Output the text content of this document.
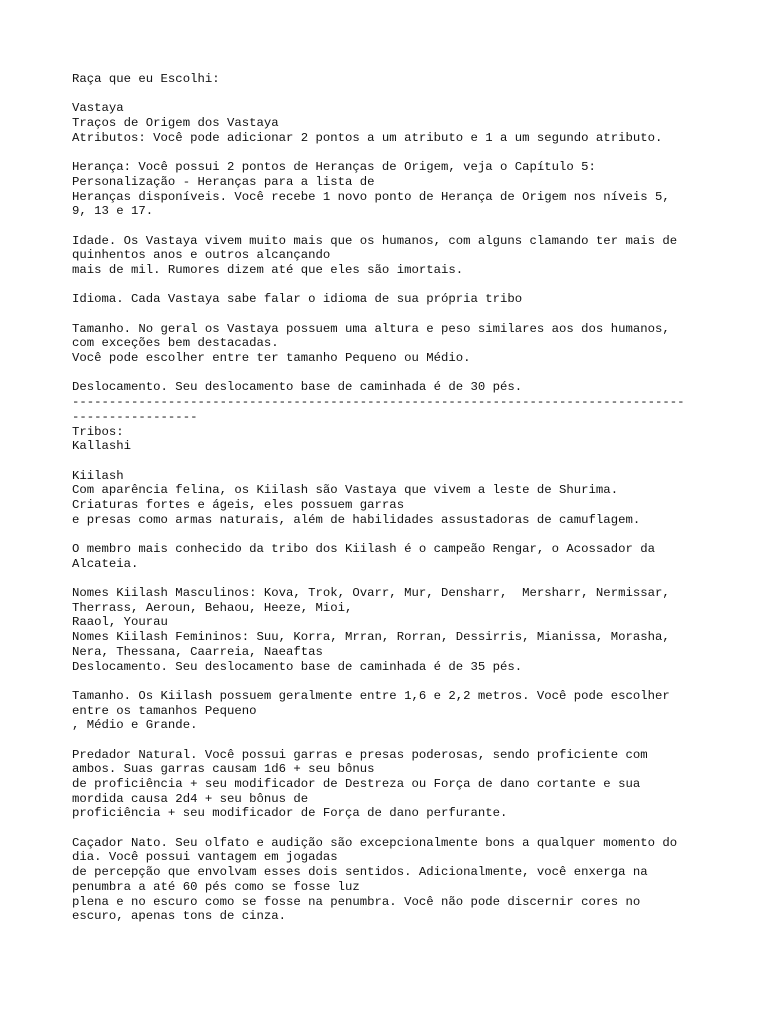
Raça que eu Escolhi:
Vastaya
Traços de Origem dos Vastaya
Atributos: Você pode adicionar 2 pontos a um atributo e 1 a um segundo atributo.
Herança: Você possui 2 pontos de Heranças de Origem, veja o Capítulo 5:
Personalização - Heranças para a lista de
Heranças disponíveis. Você recebe 1 novo ponto de Herança de Origem nos níveis 5,
9, 13 e 17.
Idade. Os Vastaya vivem muito mais que os humanos, com alguns clamando ter mais de
quinhentos anos e outros alcançando
mais de mil. Rumores dizem até que eles são imortais.
Idioma. Cada Vastaya sabe falar o idioma de sua própria tribo
Tamanho. No geral os Vastaya possuem uma altura e peso similares aos dos humanos,
com exceções bem destacadas.
Você pode escolher entre ter tamanho Pequeno ou Médio.
Deslocamento. Seu deslocamento base de caminhada é de 30 pés.
-----------------------------------------------------------------------------------
-----------------
Tribos:
Kallashi
Kiilash
Com aparência felina, os Kiilash são Vastaya que vivem a leste de Shurima.
Criaturas fortes e ágeis, eles possuem garras
e presas como armas naturais, além de habilidades assustadoras de camuflagem.
O membro mais conhecido da tribo dos Kiilash é o campeão Rengar, o Acossador da
Alcateia.
Nomes Kiilash Masculinos: Kova, Trok, Ovarr, Mur, Densharr,  Mersharr, Nermissar,
Therrass, Aeroun, Behaou, Heeze, Mioi,
Raaol, Yourau
Nomes Kiilash Femininos: Suu, Korra, Mrran, Rorran, Dessirris, Mianissa, Morasha,
Nera, Thessana, Caarreia, Naeaftas
Deslocamento. Seu deslocamento base de caminhada é de 35 pés.
Tamanho. Os Kiilash possuem geralmente entre 1,6 e 2,2 metros. Você pode escolher
entre os tamanhos Pequeno
, Médio e Grande.
Predador Natural. Você possui garras e presas poderosas, sendo proficiente com
ambos. Suas garras causam 1d6 + seu bônus
de proficiência + seu modificador de Destreza ou Força de dano cortante e sua
mordida causa 2d4 + seu bônus de
proficiência + seu modificador de Força de dano perfurante.
Caçador Nato. Seu olfato e audição são excepcionalmente bons a qualquer momento do
dia. Você possui vantagem em jogadas
de percepção que envolvam esses dois sentidos. Adicionalmente, você enxerga na
penumbra a até 60 pés como se fosse luz
plena e no escuro como se fosse na penumbra. Você não pode discernir cores no
escuro, apenas tons de cinza.
